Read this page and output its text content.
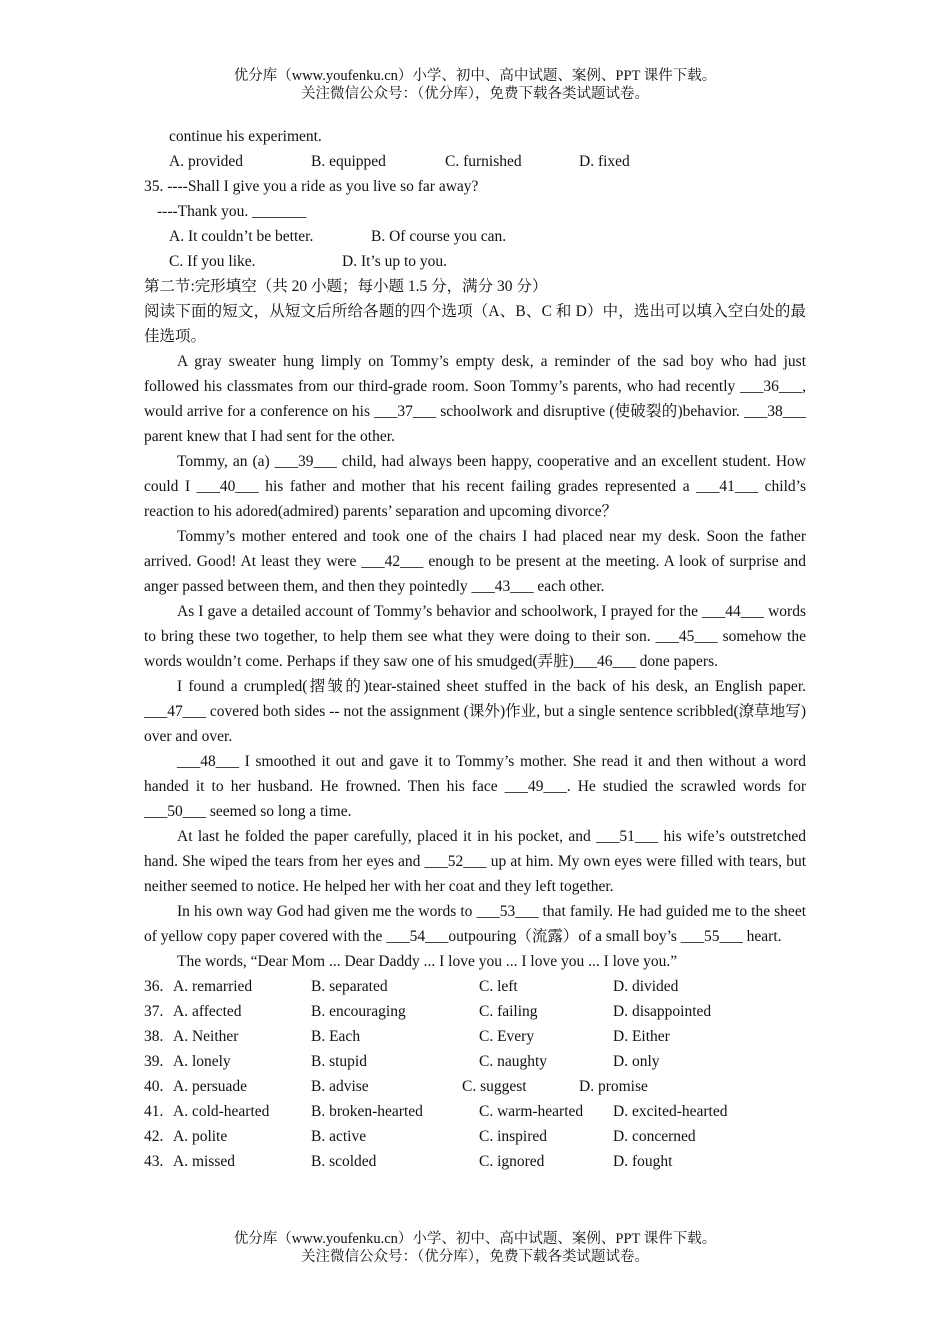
优分库（www.youfenku.cn）小学、初中、高中试题、案例、PPT 课件下载。
关注微信公众号：（优分库），免费下载各类试题试卷。
continue his experiment.
A. provided	B. equipped	C. furnished	D. fixed
35. ----Shall I give you a ride as you live so far away?
----Thank you. _______
A. It couldn’t be better.	B. Of course you can.
C. If you like.	D. It’s up to you.
第二节:完形填空（共 20 小题；每小题 1.5 分，满分 30 分）
阅读下面的短文，从短文后所给各题的四个选项（A、B、C 和 D）中，选出可以填入空白处的最佳选项。
A gray sweater hung limply on Tommy’s empty desk, a reminder of the sad boy who had just followed his classmates from our third-grade room. Soon Tommy’s parents, who had recently ___36___, would arrive for a conference on his ___37___ schoolwork and disruptive (使破裂的)behavior. ___38___ parent knew that I had sent for the other.
Tommy, an (a) ___39___ child, had always been happy, cooperative and an excellent student. How could I ___40___ his father and mother that his recent failing grades represented a ___41___ child’s reaction to his adored(admired) parents’ separation and upcoming divorce？
Tommy’s mother entered and took one of the chairs I had placed near my desk. Soon the father arrived. Good! At least they were ___42___ enough to be present at the meeting. A look of surprise and anger passed between them, and then they pointedly ___43___ each other.
As I gave a detailed account of Tommy’s behavior and schoolwork, I prayed for the ___44___ words to bring these two together, to help them see what they were doing to their son. ___45___ somehow the words wouldn’t come. Perhaps if they saw one of his smudged(弄脏)___46___ done papers.
I found a crumpled(摺皱的)tear-stained sheet stuffed in the back of his desk, an English paper. ___47___ covered both sides -- not the assignment (课外)作业, but a single sentence scribbled(潦草地写) over and over.
___48___ I smoothed it out and gave it to Tommy’s mother. She read it and then without a word handed it to her husband. He frowned. Then his face ___49___. He studied the scrawled words for ___50___ seemed so long a time.
At last he folded the paper carefully, placed it in his pocket, and ___51___ his wife’s outstretched hand. She wiped the tears from her eyes and ___52___ up at him. My own eyes were filled with tears, but neither seemed to notice. He helped her with her coat and they left together.
In his own way God had given me the words to ___53___ that family. He had guided me to the sheet of yellow copy paper covered with the ___54___outpouring（流露）of a small boy’s ___55___ heart.
The words, “Dear Mom ... Dear Daddy ... I love you ... I love you ... I love you.”
36. A. remarried	B. separated	C. left	D. divided
37. A. affected	B. encouraging	C. failing	D. disappointed
38. A. Neither	B. Each	C. Every	D. Either
39. A. lonely	B. stupid	C. naughty	D. only
40. A. persuade	B. advise	C. suggest	D. promise
41. A. cold-hearted	B. broken-hearted	C. warm-hearted D. excited-hearted
42. A. polite	B. active	C. inspired	D. concerned
43. A. missed	B. scolded	C. ignored	D. fought
优分库（www.youfenku.cn）小学、初中、高中试题、案例、PPT 课件下载。
关注微信公众号：（优分库），免费下载各类试题试卷。
